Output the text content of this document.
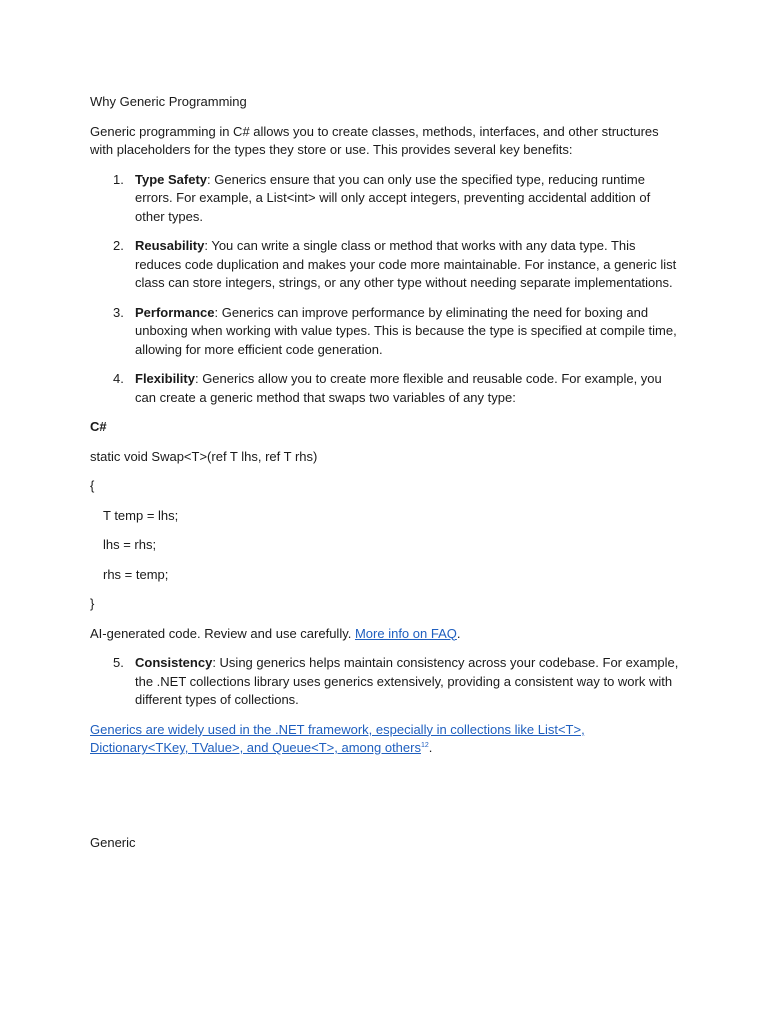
Why Generic Programming

Generic programming in C# allows you to create classes, methods, interfaces, and other structures with placeholders for the types they store or use. This provides several key benefits:

1. Type Safety: Generics ensure that you can only use the specified type, reducing runtime errors. For example, a List<int> will only accept integers, preventing accidental addition of other types.
2. Reusability: You can write a single class or method that works with any data type. This reduces code duplication and makes your code more maintainable. For instance, a generic list class can store integers, strings, or any other type without needing separate implementations.
3. Performance: Generics can improve performance by eliminating the need for boxing and unboxing when working with value types. This is because the type is specified at compile time, allowing for more efficient code generation.
4. Flexibility: Generics allow you to create more flexible and reusable code. For example, you can create a generic method that swaps two variables of any type:

C#

static void Swap<T>(ref T lhs, ref T rhs)

{

T temp = lhs;

lhs = rhs;

rhs = temp;

}

AI-generated code. Review and use carefully. More info on FAQ.

5. Consistency: Using generics helps maintain consistency across your codebase. For example, the .NET collections library uses generics extensively, providing a consistent way to work with different types of collections.

Generics are widely used in the .NET framework, especially in collections like List<T>, Dictionary<TKey, TValue>, and Queue<T>, among others$^{12}$.

Generic
